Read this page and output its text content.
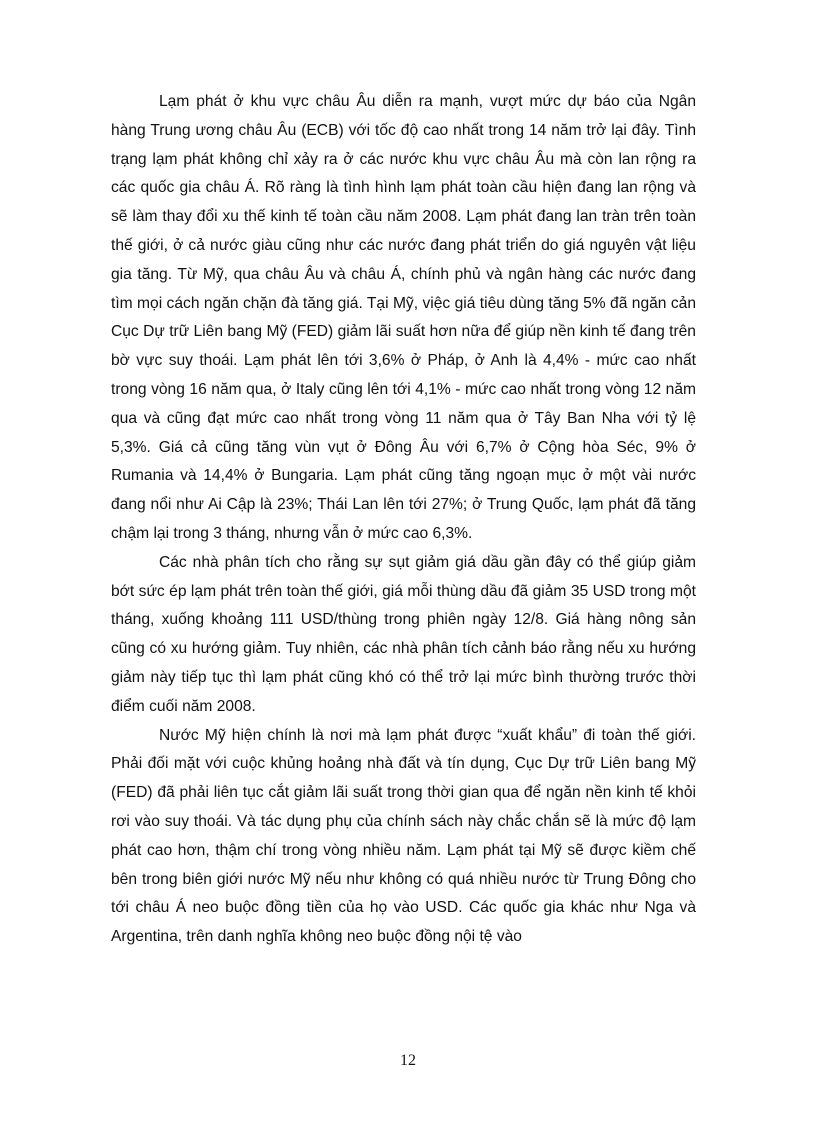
Lạm phát ở khu vực châu Âu diễn ra mạnh, vượt mức dự báo của Ngân hàng Trung ương châu Âu (ECB) với tốc độ cao nhất trong 14 năm trở lại đây. Tình trạng lạm phát không chỉ xảy ra ở các nước khu vực châu Âu mà còn lan rộng ra các quốc gia châu Á. Rõ ràng là tình hình lạm phát toàn cầu hiện đang lan rộng và sẽ làm thay đổi xu thế kinh tế toàn cầu năm 2008. Lạm phát đang lan tràn trên toàn thế giới, ở cả nước giàu cũng như các nước đang phát triển do giá nguyên vật liệu gia tăng. Từ Mỹ, qua châu Âu và châu Á, chính phủ và ngân hàng các nước đang tìm mọi cách ngăn chặn đà tăng giá. Tại Mỹ, việc giá tiêu dùng tăng 5% đã ngăn cản Cục Dự trữ Liên bang Mỹ (FED) giảm lãi suất hơn nữa để giúp nền kinh tế đang trên bờ vực suy thoái. Lạm phát lên tới 3,6% ở Pháp, ở Anh là 4,4% - mức cao nhất trong vòng 16 năm qua, ở Italy cũng lên tới 4,1% - mức cao nhất trong vòng 12 năm qua và cũng đạt mức cao nhất trong vòng 11 năm qua ở Tây Ban Nha với tỷ lệ 5,3%. Giá cả cũng tăng vùn vụt ở Đông Âu với 6,7% ở Cộng hòa Séc, 9% ở Rumania và 14,4% ở Bungaria. Lạm phát cũng tăng ngoạn mục ở một vài nước đang nổi như Ai Cập là 23%; Thái Lan lên tới 27%; ở Trung Quốc, lạm phát đã tăng chậm lại trong 3 tháng, nhưng vẫn ở mức cao 6,3%.

Các nhà phân tích cho rằng sự sụt giảm giá dầu gần đây có thể giúp giảm bớt sức ép lạm phát trên toàn thế giới, giá mỗi thùng dầu đã giảm 35 USD trong một tháng, xuống khoảng 111 USD/thùng trong phiên ngày 12/8. Giá hàng nông sản cũng có xu hướng giảm. Tuy nhiên, các nhà phân tích cảnh báo rằng nếu xu hướng giảm này tiếp tục thì lạm phát cũng khó có thể trở lại mức bình thường trước thời điểm cuối năm 2008.

Nước Mỹ hiện chính là nơi mà lạm phát được “xuất khẩu” đi toàn thế giới. Phải đối mặt với cuộc khủng hoảng nhà đất và tín dụng, Cục Dự trữ Liên bang Mỹ (FED) đã phải liên tục cắt giảm lãi suất trong thời gian qua để ngăn nền kinh tế khỏi rơi vào suy thoái. Và tác dụng phụ của chính sách này chắc chắn sẽ là mức độ lạm phát cao hơn, thậm chí trong vòng nhiều năm. Lạm phát tại Mỹ sẽ được kiềm chế bên trong biên giới nước Mỹ nếu như không có quá nhiều nước từ Trung Đông cho tới châu Á neo buộc đồng tiền của họ vào USD. Các quốc gia khác như Nga và Argentina, trên danh nghĩa không neo buộc đồng nội tệ vào

12
